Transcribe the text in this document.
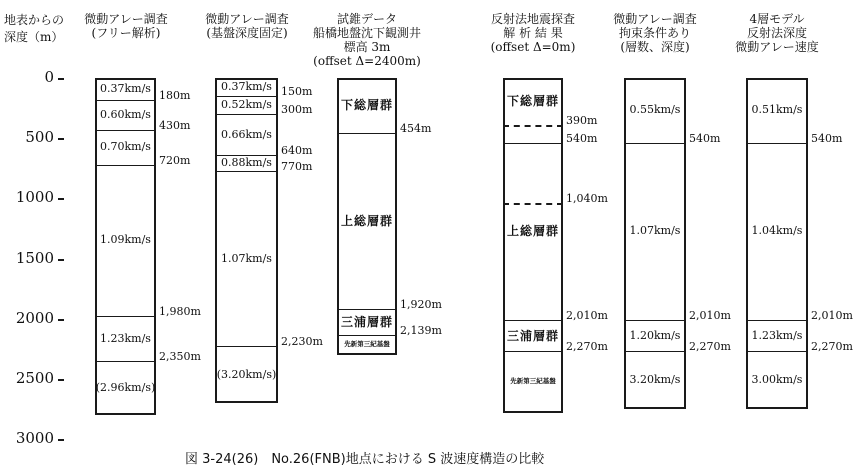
地表からの
深度（m）
図 3-24(26)　No.26(FNB)地点における S 波速度構造の比較
0
500
1000
1500
2000
2500
3000
微動アレー調査
(フリー解析)
180m
430m
720m
1,980m
2,350m
0.37km/s
0.60km/s
0.70km/s
1.09km/s
1.23km/s
(2.96km/s)
微動アレー調査
(基盤深度固定)
150m
300m
640m
770m
2,230m
0.37km/s
0.52km/s
0.66km/s
0.88km/s
1.07km/s
(3.20km/s)
試錐データ
船橋地盤沈下観測井
標高 3m
(offset Δ=2400m)
454m
1,920m
2,139m
下総層群
上総層群
三浦層群
先新第三紀基盤
反射法地震探査
解 析 結 果
(offset Δ=0m)
390m
540m
1,040m
2,010m
2,270m
下総層群
上総層群
三浦層群
先新第三紀基盤
微動アレー調査
拘束条件あり
(層数、深度)
540m
2,010m
2,270m
0.55km/s
1.07km/s
1.20km/s
3.20km/s
4層モデル
反射法深度
微動アレー速度
540m
2,010m
2,270m
0.51km/s
1.04km/s
1.23km/s
3.00km/s
